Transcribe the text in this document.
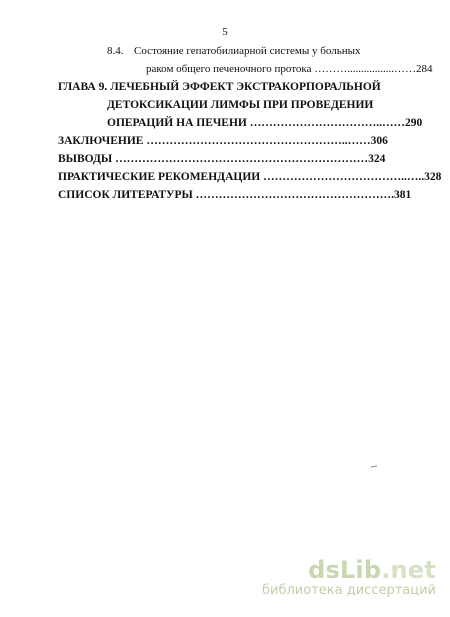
5
8.4. Состояние гепатобилиарной системы у больных
раком общего печеночного протока ……….................……284
ГЛАВА 9. ЛЕЧЕБНЫЙ ЭФФЕКТ ЭКСТРАКОРПОРАЛЬНОЙ
ДЕТОКСИКАЦИИ ЛИМФЫ ПРИ ПРОВЕДЕНИИ
ОПЕРАЦИЙ НА ПЕЧЕНИ ……………………………..……290
ЗАКЛЮЧЕНИЕ ……………………………………………..……306
ВЫВОДЫ …………………………………………………………324
ПРАКТИЧЕСКИЕ РЕКОМЕНДАЦИИ ………………………………..…..328
СПИСОК ЛИТЕРАТУРЫ …………………………………………….381
dsLib.net
библиотека диссертаций
